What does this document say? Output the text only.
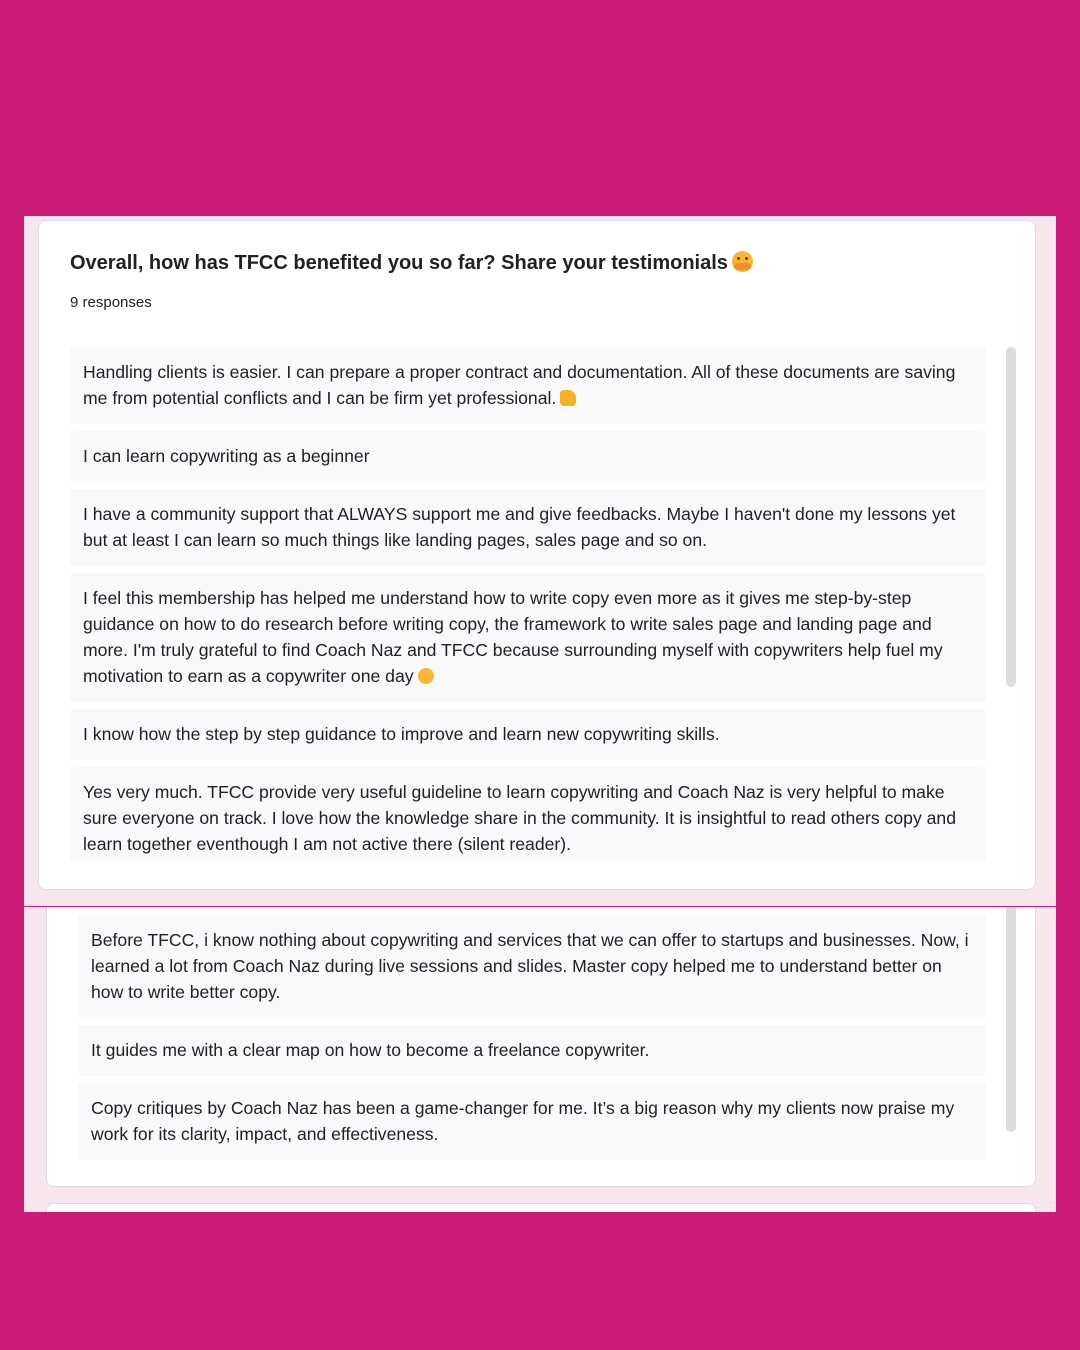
Overall, how has TFCC benefited you so far? Share your testimonials
9 responses
Handling clients is easier. I can prepare a proper contract and documentation. All of these documents are saving me from potential conflicts and I can be firm yet professional.
I can learn copywriting as a beginner
I have a community support that ALWAYS support me and give feedbacks. Maybe I haven't done my lessons yet but at least I can learn so much things like landing pages, sales page and so on.
I feel this membership has helped me understand how to write copy even more as it gives me step-by-step guidance on how to do research before writing copy, the framework to write sales page and landing page and more. I'm truly grateful to find Coach Naz and TFCC because surrounding myself with copywriters help fuel my motivation to earn as a copywriter one day
I know how the step by step guidance to improve and learn new copywriting skills.
Yes very much. TFCC provide very useful guideline to learn copywriting and Coach Naz is very helpful to make sure everyone on track. I love how the knowledge share in the community. It is insightful to read others copy and learn together eventhough I am not active there (silent reader).
Before TFCC, i know nothing about copywriting and services that we can offer to startups and businesses. Now, i learned a lot from Coach Naz during live sessions and slides. Master copy helped me to understand better on how to write better copy.
It guides me with a clear map on how to become a freelance copywriter.
Copy critiques by Coach Naz has been a game-changer for me. It’s a big reason why my clients now praise my work for its clarity, impact, and effectiveness.
